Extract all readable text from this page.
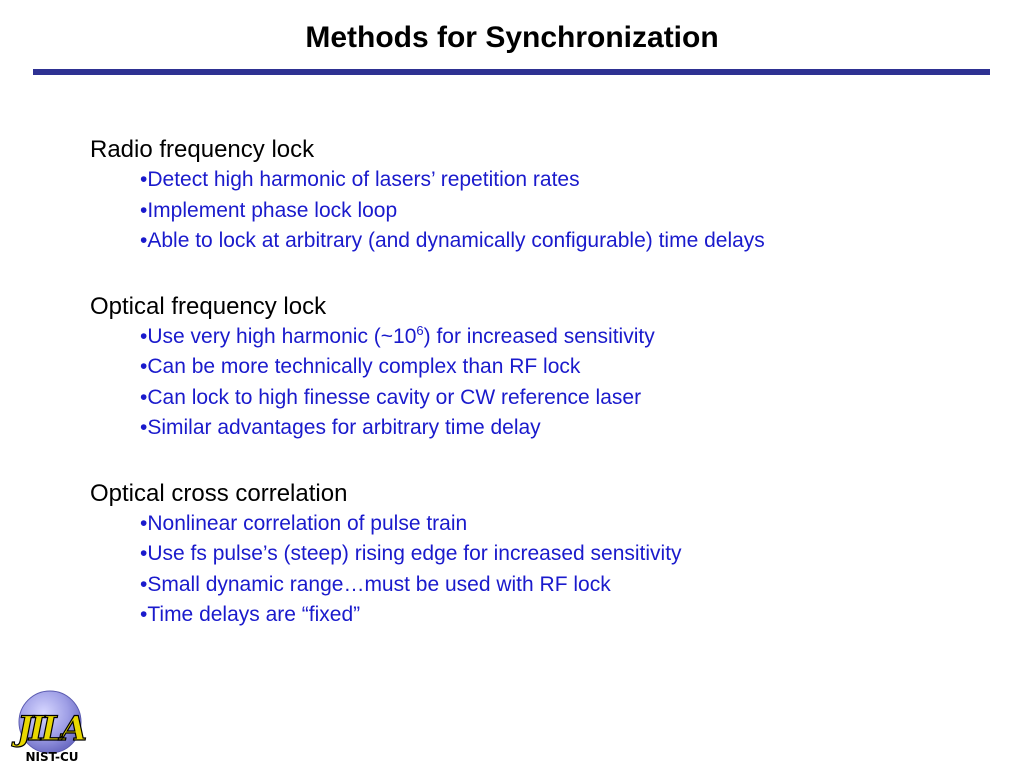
Methods for Synchronization

Radio frequency lock

•Detect high harmonic of lasers’ repetition rates
•Implement phase lock loop
•Able to lock at arbitrary (and dynamically configurable) time delays

Optical frequency lock

•Use very high harmonic $(\sim 10^6)$ for increased sensitivity
•Can be more technically complex than RF lock
•Can lock to high finesse cavity or CW reference laser
•Similar advantages for arbitrary time delay

Optical cross correlation

•Nonlinear correlation of pulse train
•Use fs pulse’s (steep) rising edge for increased sensitivity
•Small dynamic range…must be used with RF lock
•Time delays are “fixed”
JILA
NIST-CU
